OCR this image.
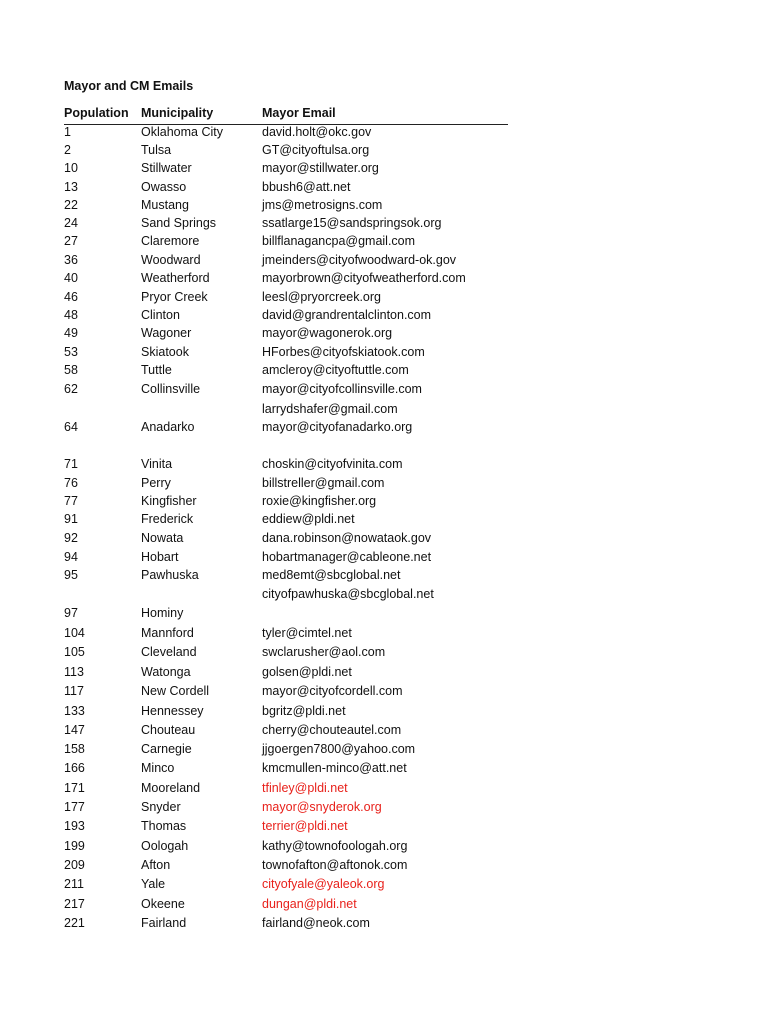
Mayor and CM Emails
Population Municipality	Mayor Email
1	Oklahoma City	david.holt@okc.gov
2	Tulsa	GT@cityoftulsa.org
10	Stillwater	mayor@stillwater.org
13	Owasso	bbush6@att.net
22	Mustang	jms@metrosigns.com
24	Sand Springs	ssatlarge15@sandspringsok.org
27	Claremore	billflanagancpa@gmail.com
36	Woodward	jmeinders@cityofwoodward-ok.gov
40	Weatherford	mayorbrown@cityofweatherford.com
46	Pryor Creek	leesl@pryorcreek.org
48	Clinton	david@grandrentalclinton.com
49	Wagoner	mayor@wagonerok.org
53	Skiatook	HForbes@cityofskiatook.com
58	Tuttle	amcleroy@cityoftuttle.com
62	Collinsville	mayor@cityofcollinsville.com
larrydshafer@gmail.com
64	Anadarko	mayor@cityofanadarko.org
71	Vinita	choskin@cityofvinita.com
76	Perry	billstreller@gmail.com
77	Kingfisher	roxie@kingfisher.org
91	Frederick	eddiew@pldi.net
92	Nowata	dana.robinson@nowataok.gov
94	Hobart	hobartmanager@cableone.net
95	Pawhuska	med8emt@sbcglobal.net
cityofpawhuska@sbcglobal.net
97	Hominy
104	Mannford	tyler@cimtel.net
105	Cleveland	swclarusher@aol.com
113	Watonga	golsen@pldi.net
117	New Cordell	mayor@cityofcordell.com
133	Hennessey	bgritz@pldi.net
147	Chouteau	cherry@chouteautel.com
158	Carnegie	jjgoergen7800@yahoo.com
166	Minco	kmcmullen-minco@att.net
171	Mooreland	tfinley@pldi.net
177	Snyder	mayor@snyderok.org
193	Thomas	terrier@pldi.net
199	Oologah	kathy@townofoologah.org
209	Afton	townofafton@aftonok.com
211	Yale	cityofyale@yaleok.org
217	Okeene	dungan@pldi.net
221	Fairland	fairland@neok.com
